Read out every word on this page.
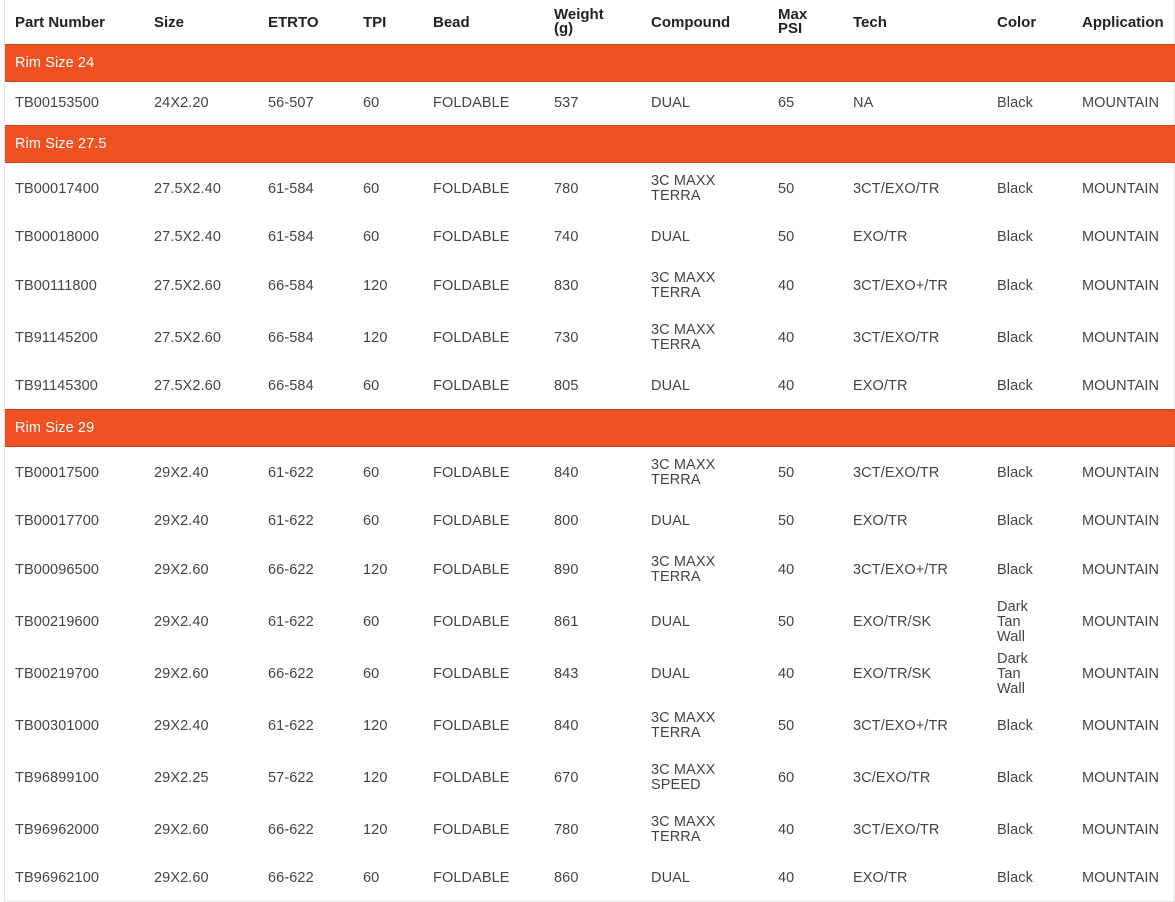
Part Number	Size	ETRTO	TPI	Bead	Weight (g)	Compound	Max PSI	Tech	Color	Application
Rim Size 24										
TB00153500	24X2.20	56-507	60	FOLDABLE	537	DUAL	65	NA	Black	MOUNTAIN
Rim Size 27.5										
TB00017400	27.5X2.40	61-584	60	FOLDABLE	780	3C MAXX TERRA	50	3CT/EXO/TR	Black	MOUNTAIN
TB00018000	27.5X2.40	61-584	60	FOLDABLE	740	DUAL	50	EXO/TR	Black	MOUNTAIN
TB00111800	27.5X2.60	66-584	120	FOLDABLE	830	3C MAXX TERRA	40	3CT/EXO+/TR	Black	MOUNTAIN
TB91145200	27.5X2.60	66-584	120	FOLDABLE	730	3C MAXX TERRA	40	3CT/EXO/TR	Black	MOUNTAIN
TB91145300	27.5X2.60	66-584	60	FOLDABLE	805	DUAL	40	EXO/TR	Black	MOUNTAIN
Rim Size 29										
TB00017500	29X2.40	61-622	60	FOLDABLE	840	3C MAXX TERRA	50	3CT/EXO/TR	Black	MOUNTAIN
TB00017700	29X2.40	61-622	60	FOLDABLE	800	DUAL	50	EXO/TR	Black	MOUNTAIN
TB00096500	29X2.60	66-622	120	FOLDABLE	890	3C MAXX TERRA	40	3CT/EXO+/TR	Black	MOUNTAIN
TB00219600	29X2.40	61-622	60	FOLDABLE	861	DUAL	50	EXO/TR/SK	Dark Tan Wall	MOUNTAIN
TB00219700	29X2.60	66-622	60	FOLDABLE	843	DUAL	40	EXO/TR/SK	Dark Tan Wall	MOUNTAIN
TB00301000	29X2.40	61-622	120	FOLDABLE	840	3C MAXX TERRA	50	3CT/EXO+/TR	Black	MOUNTAIN
TB96899100	29X2.25	57-622	120	FOLDABLE	670	3C MAXX SPEED	60	3C/EXO/TR	Black	MOUNTAIN
TB96962000	29X2.60	66-622	120	FOLDABLE	780	3C MAXX TERRA	40	3CT/EXO/TR	Black	MOUNTAIN
TB96962100	29X2.60	66-622	60	FOLDABLE	860	DUAL	40	EXO/TR	Black	MOUNTAIN
